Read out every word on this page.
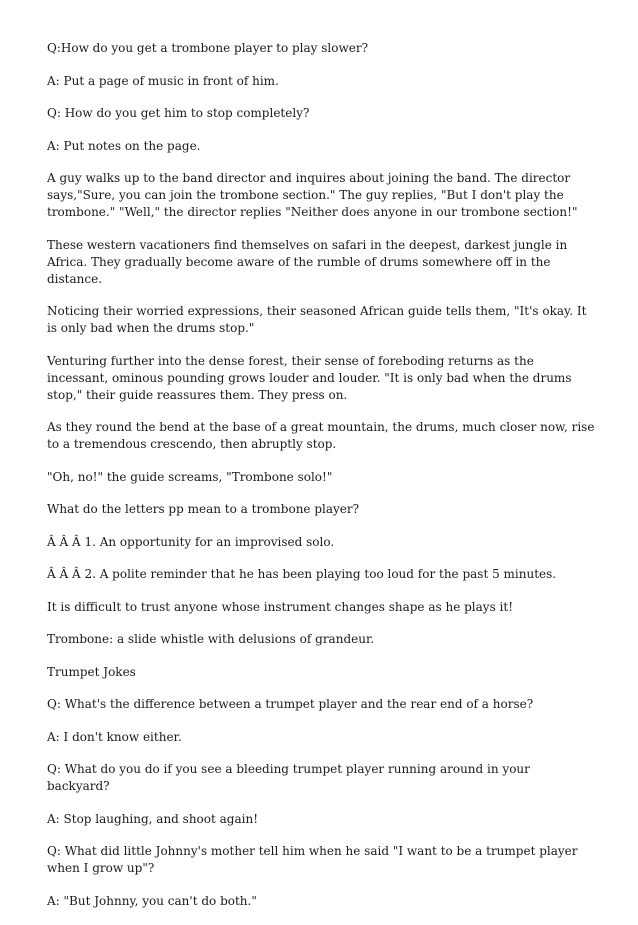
Q:How do you get a trombone player to play slower?

A: Put a page of music in front of him.

Q: How do you get him to stop completely?

A: Put notes on the page.

A guy walks up to the band director and inquires about joining the band. The director says,"Sure, you can join the trombone section." The guy replies, "But I don't play the trombone." "Well," the director replies "Neither does anyone in our trombone section!"

These western vacationers find themselves on safari in the deepest, darkest jungle in Africa. They gradually become aware of the rumble of drums somewhere off in the distance.

Noticing their worried expressions, their seasoned African guide tells them, "It's okay. It is only bad when the drums stop."

Venturing further into the dense forest, their sense of foreboding returns as the incessant, ominous pounding grows louder and louder. "It is only bad when the drums stop," their guide reassures them. They press on.

As they round the bend at the base of a great mountain, the drums, much closer now, rise to a tremendous crescendo, then abruptly stop.

"Oh, no!" the guide screams, "Trombone solo!"

What do the letters pp mean to a trombone player?

Â Â Â 1. An opportunity for an improvised solo.

Â Â Â 2. A polite reminder that he has been playing too loud for the past 5 minutes.

It is difficult to trust anyone whose instrument changes shape as he plays it!

Trombone: a slide whistle with delusions of grandeur.

Trumpet Jokes

Q: What's the difference between a trumpet player and the rear end of a horse?

A: I don't know either.

Q: What do you do if you see a bleeding trumpet player running around in your backyard?

A: Stop laughing, and shoot again!

Q: What did little Johnny's mother tell him when he said "I want to be a trumpet player when I grow up"?

A: "But Johnny, you can't do both."
